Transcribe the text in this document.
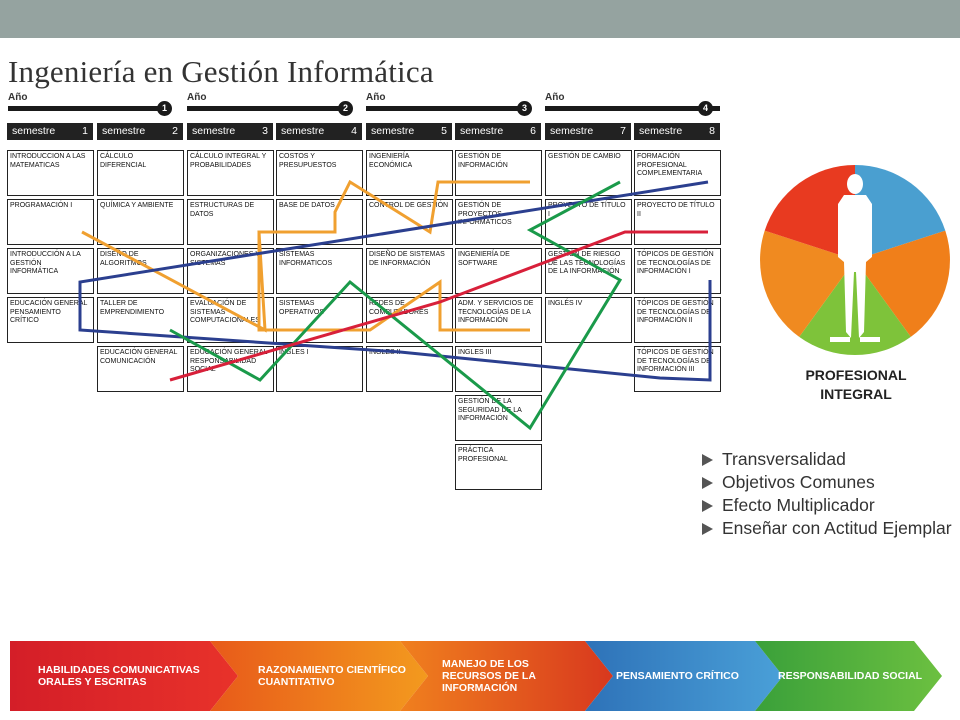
Ingeniería en Gestión Informática
Año
1
Año
2
Año
3
Año
4
semestre	1 semestre	2 semestre	3 semestre	4 semestre	5 semestre	6 semestre	7 semestre	8
INTRODUCCION A LAS MATEMATICAS
PROGRAMACIÓN I
INTRODUCCIÓN A LA GESTIÓN INFORMÁTICA
EDUCACIÓN GENERAL PENSAMIENTO CRÍTICO
CÁLCULO DIFERENCIAL
QUÍMICA Y AMBIENTE
DISEÑO DE ALGORITMOS
TALLER DE EMPRENDIMIENTO
EDUCACIÓN GENERAL COMUNICACIÓN
CÁLCULO INTEGRAL Y PROBABILIDADES
ESTRUCTURAS DE DATOS
ORGANIZACIONES Y SISTEMAS
EVALUACIÓN DE SISTEMAS COMPUTACIONALES
EDUCACIÓN GENERAL RESPONSABILIDAD SOCIAL
COSTOS Y PRESUPUESTOS
BASE DE DATOS
SISTEMAS INFORMATICOS
SISTEMAS OPERATIVOS
INGLES I
INGENIERÍA ECONÓMICA
CONTROL DE GESTIÓN
DISEÑO DE SISTEMAS DE INFORMACIÓN
REDES DE COMPUTADORES
INGLES II
GESTIÓN DE INFORMACIÓN
GESTIÓN DE PROYECTOS INFORMÁTICOS
INGENIERÍA DE SOFTWARE
ADM. Y SERVICIOS DE TECNOLOGÍAS DE LA INFORMACIÓN
INGLES III
GESTIÓN DE LA SEGURIDAD DE LA INFORMACIÓN
PRÁCTICA PROFESIONAL
GESTIÓN DE CAMBIO
PROYECTO DE TÍTULO I
GESTIÓN DE RIESGO DE LAS TECNOLOGÍAS DE LA INFORMACIÓN
INGLÉS IV
FORMACIÓN PROFESIONAL COMPLEMENTARIA
PROYECTO DE TÍTULO II
TÓPICOS DE GESTIÓN DE TECNOLOGÍAS DE INFORMACIÓN I
TÓPICOS DE GESTIÓN DE TECNOLOGÍAS DE INFORMACIÓN II
TÓPICOS DE GESTIÓN DE TECNOLOGÍAS DE INFORMACIÓN III	PROFESIONAL INTEGRAL
Transversalidad
Objetivos Comunes
Efecto Multiplicador
Enseñar con Actitud Ejemplar
HABILIDADES COMUNICATIVAS ORALES Y ESCRITAS
RAZONAMIENTO CIENTÍFICO CUANTITATIVO
MANEJO DE LOS RECURSOS DE LA INFORMACIÓN
PENSAMIENTO CRÍTICO	RESPONSABILIDAD SOCIAL
